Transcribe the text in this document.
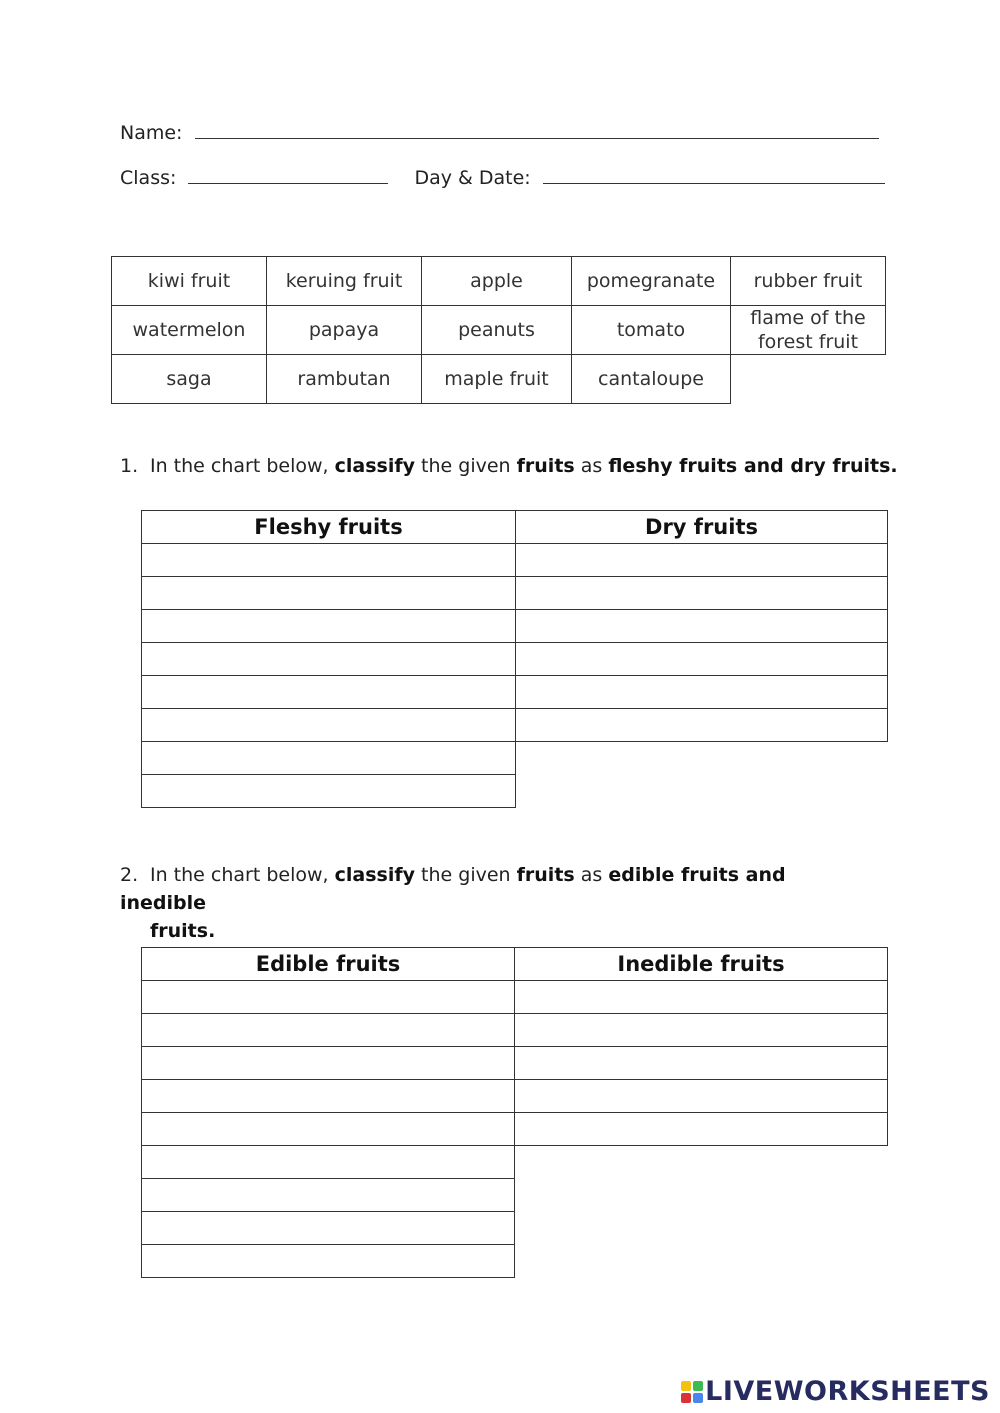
Name:
Class:	Day & Date:
kiwi fruit	keruing fruit	apple	pomegranate	rubber fruit
watermelon	papaya	peanuts	tomato	flame of the forest fruit
saga	rambutan	maple fruit	cantaloupe	
1. In the chart below, classify the given fruits as fleshy fruits and dry fruits.
Fleshy fruits	Dry fruits

2. In the chart below, classify the given fruits as edible fruits and inedible
fruits.
Edible fruits	Inedible fruits

LIVEWORKSHEETS
